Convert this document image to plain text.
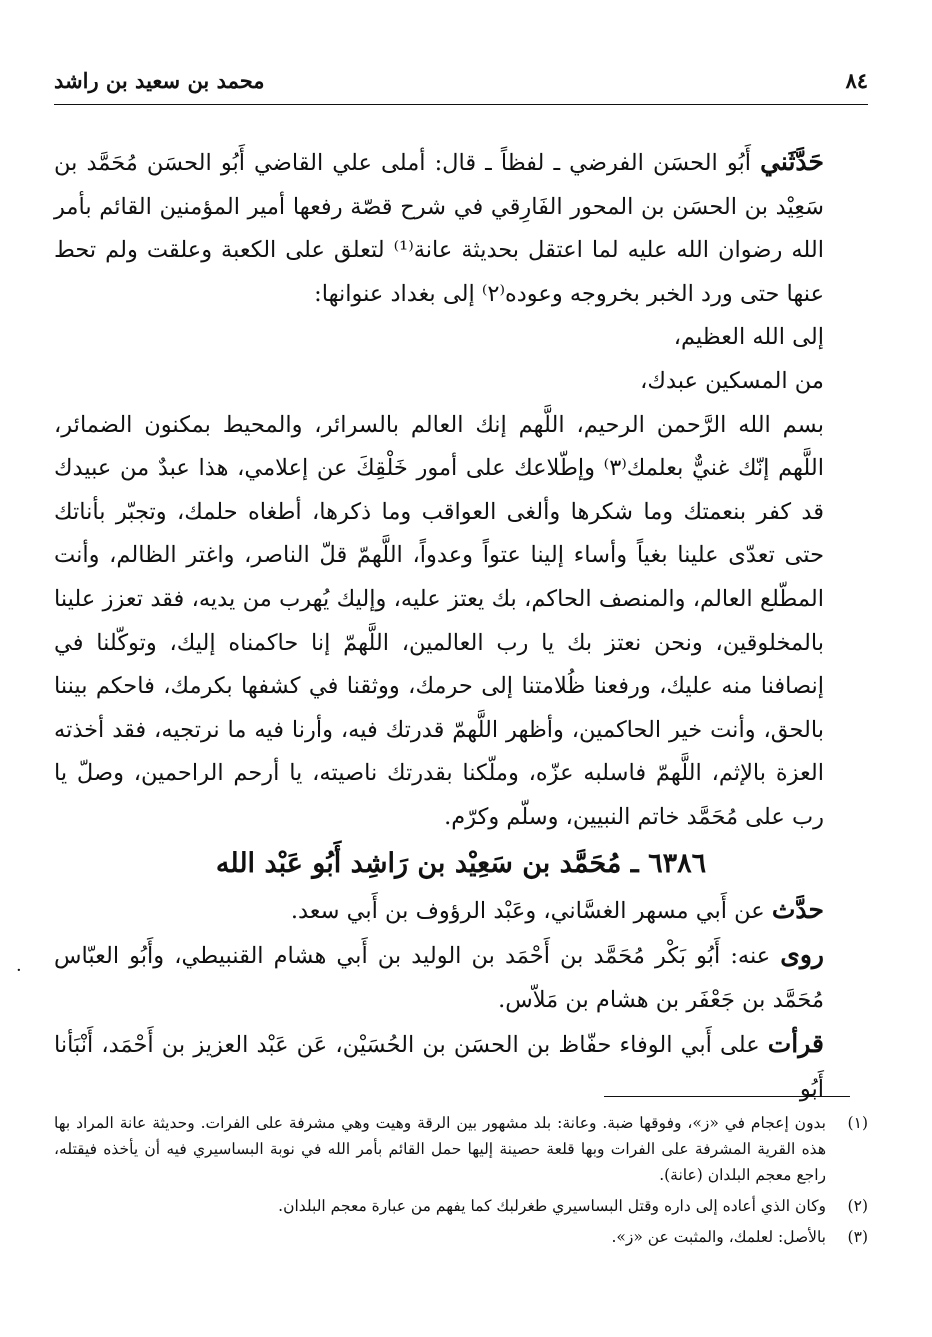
٨٤
محمد بن سعيد بن راشد

حَدَّثَني أَبُو الحسَن الفرضي ـ لفظاً ـ قال: أملى علي القاضي أَبُو الحسَن مُحَمَّد بن سَعِيْد بن الحسَن بن المحور الفَارِقي في شرح قصّة رفعها أمير المؤمنين القائم بأمر الله رضوان الله عليه لما اعتقل بحديثة عانة⁽¹⁾ لتعلق على الكعبة وعلقت ولم تحط عنها حتى ورد الخبر بخروجه وعوده⁽٢⁾ إلى بغداد عنوانها:

إلى الله العظيم،

من المسكين عبدك،

بسم الله الرَّحمن الرحيم، اللَّهم إنك العالم بالسرائر، والمحيط بمكنون الضمائر، اللَّهم إنّك غنيٌّ بعلمك⁽٣⁾ وإطّلاعك على أمور خَلْقِكَ عن إعلامي، هذا عبدٌ من عبيدك قد كفر بنعمتك وما شكرها وألغى العواقب وما ذكرها، أطغاه حلمك، وتجبّر بأناتك حتى تعدّى علينا بغياً وأساء إلينا عتواً وعدواً، اللَّهمّ قلّ الناصر، واغتر الظالم، وأنت المطّلع العالم، والمنصف الحاكم، بك يعتز عليه، وإليك يُهرب من يديه، فقد تعزز علينا بالمخلوقين، ونحن نعتز بك يا رب العالمين، اللَّهمّ إنا حاكمناه إليك، وتوكّلنا في إنصافنا منه عليك، ورفعنا ظُلامتنا إلى حرمك، ووثقنا في كشفها بكرمك، فاحكم بيننا بالحق، وأنت خير الحاكمين، وأظهر اللَّهمّ قدرتك فيه، وأرنا فيه ما نرتجيه، فقد أخذته العزة بالإثم، اللَّهمّ فاسلبه عزّه، وملّكنا بقدرتك ناصيته، يا أرحم الراحمين، وصلّ يا رب على مُحَمَّد خاتم النبيين، وسلّم وكرّم.

٦٣٨٦ ـ مُحَمَّد بن سَعِيْد بن رَاشِد أَبُو عَبْد الله

حدَّث عن أَبي مسهر الغسَّاني، وعَبْد الرؤوف بن أَبي سعد.

روى عنه: أَبُو بَكْر مُحَمَّد بن أَحْمَد بن الوليد بن أَبي هشام القنبيطي، وأَبُو العبّاس مُحَمَّد بن جَعْفَر بن هشام بن مَلاّس.

قرأت على أَبي الوفاء حفّاظ بن الحسَن بن الحُسَيْن، عَن عَبْد العزيز بن أَحْمَد، أَنْبَأنا أَبُو

(١)
بدون إعجام في «ز»، وفوقها ضبة. وعانة: بلد مشهور بين الرقة وهيت وهي مشرفة على الفرات. وحديثة عانة المراد بها هذه القرية المشرفة على الفرات وبها قلعة حصينة إليها حمل القائم بأمر الله في نوبة البساسيري فيه أن يأخذه فيقتله، راجع معجم البلدان (عانة).
(٢)
وكان الذي أعاده إلى داره وقتل البساسيري طغرلبك كما يفهم من عبارة معجم البلدان.
(٣)
بالأصل: لعلمك، والمثبت عن «ز».
·
